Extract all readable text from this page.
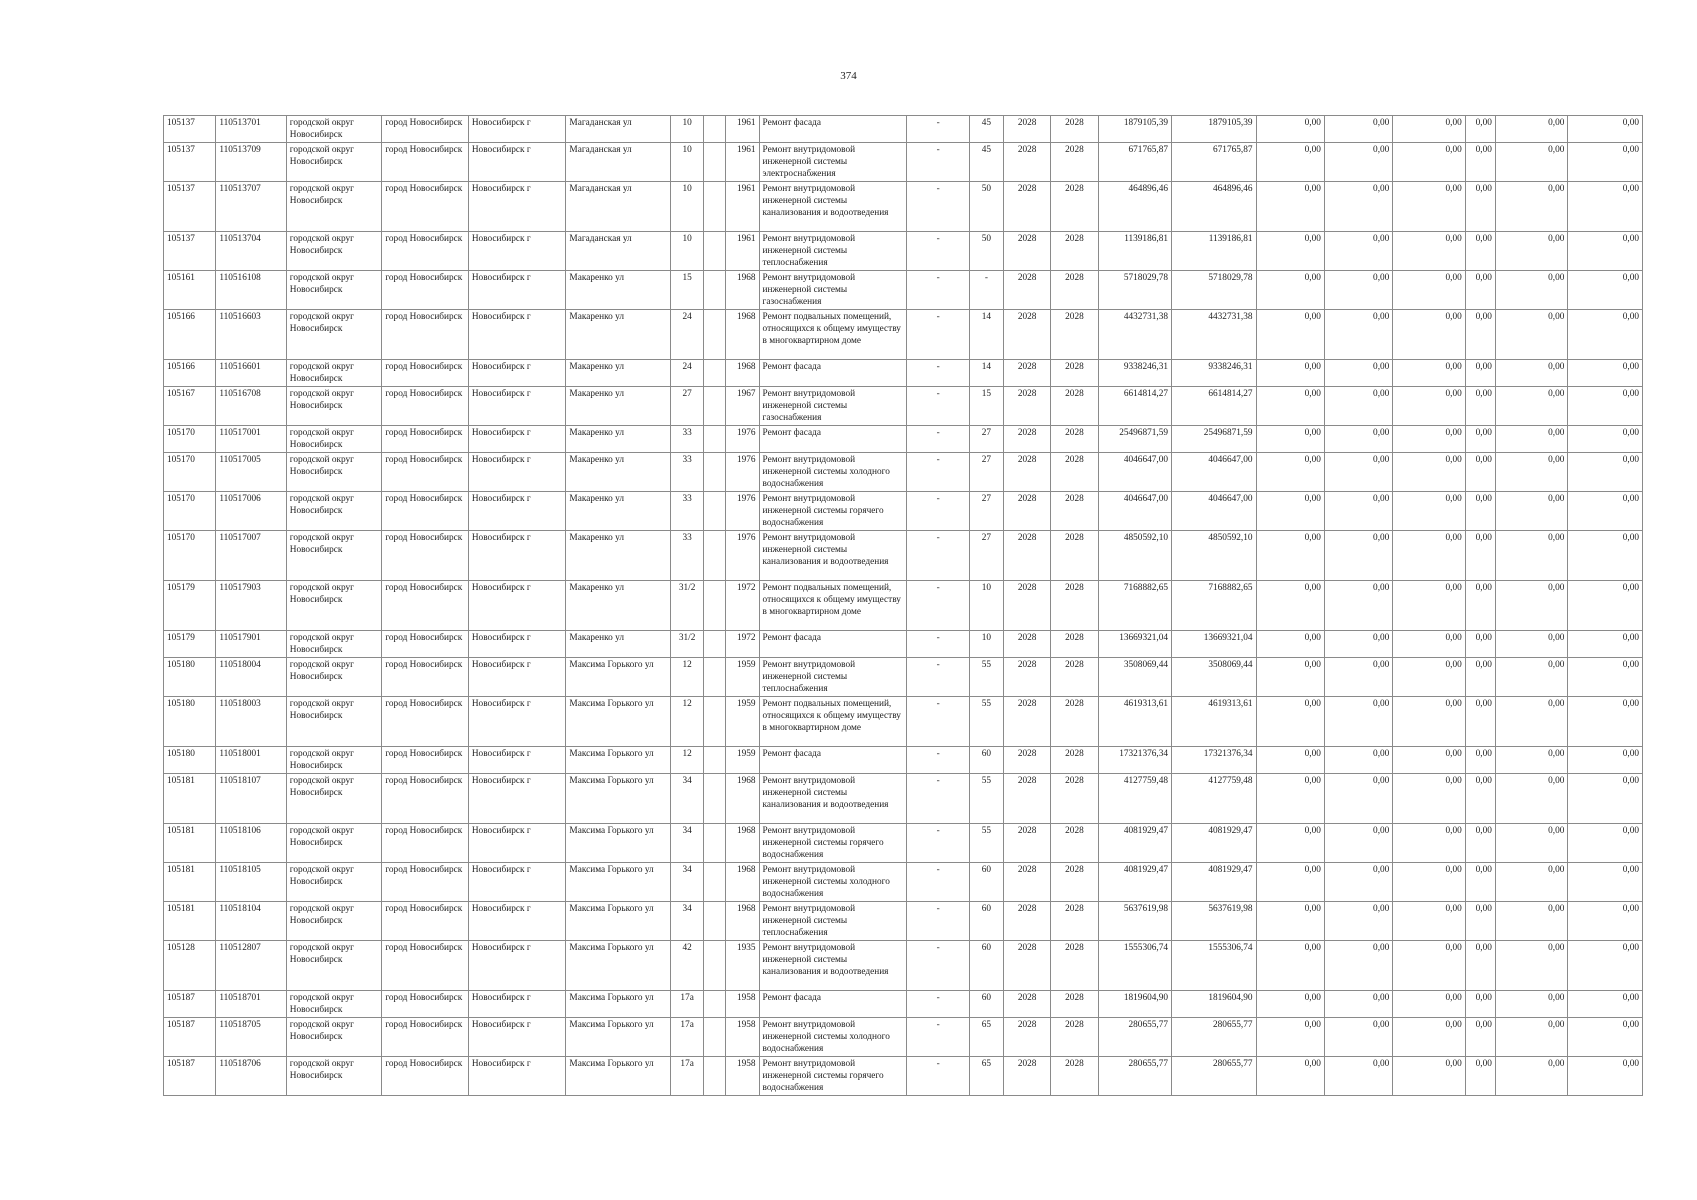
374
105137	110513701	городской округ Новосибирск	город Новосибирск	Новосибирск г	Магаданская ул	10		1961	Ремонт фасада	-	45	2028	2028	1879105,39	1879105,39	0,00	0,00	0,00	0,00	0,00	0,00
105137	110513709	городской округ Новосибирск	город Новосибирск	Новосибирск г	Магаданская ул	10		1961	Ремонт внутридомовой инженерной системы электроснабжения	-	45	2028	2028	671765,87	671765,87	0,00	0,00	0,00	0,00	0,00	0,00
105137	110513707	городской округ Новосибирск	город Новосибирск	Новосибирск г	Магаданская ул	10		1961	Ремонт внутридомовой инженерной системы канализования и водоотведения	-	50	2028	2028	464896,46	464896,46	0,00	0,00	0,00	0,00	0,00	0,00
105137	110513704	городской округ Новосибирск	город Новосибирск	Новосибирск г	Магаданская ул	10		1961	Ремонт внутридомовой инженерной системы теплоснабжения	-	50	2028	2028	1139186,81	1139186,81	0,00	0,00	0,00	0,00	0,00	0,00
105161	110516108	городской округ Новосибирск	город Новосибирск	Новосибирск г	Макаренко ул	15		1968	Ремонт внутридомовой инженерной системы газоснабжения	-	-	2028	2028	5718029,78	5718029,78	0,00	0,00	0,00	0,00	0,00	0,00
105166	110516603	городской округ Новосибирск	город Новосибирск	Новосибирск г	Макаренко ул	24		1968	Ремонт подвальных помещений, относящихся к общему имуществу в многоквартирном доме	-	14	2028	2028	4432731,38	4432731,38	0,00	0,00	0,00	0,00	0,00	0,00
105166	110516601	городской округ Новосибирск	город Новосибирск	Новосибирск г	Макаренко ул	24		1968	Ремонт фасада	-	14	2028	2028	9338246,31	9338246,31	0,00	0,00	0,00	0,00	0,00	0,00
105167	110516708	городской округ Новосибирск	город Новосибирск	Новосибирск г	Макаренко ул	27		1967	Ремонт внутридомовой инженерной системы газоснабжения	-	15	2028	2028	6614814,27	6614814,27	0,00	0,00	0,00	0,00	0,00	0,00
105170	110517001	городской округ Новосибирск	город Новосибирск	Новосибирск г	Макаренко ул	33		1976	Ремонт фасада	-	27	2028	2028	25496871,59	25496871,59	0,00	0,00	0,00	0,00	0,00	0,00
105170	110517005	городской округ Новосибирск	город Новосибирск	Новосибирск г	Макаренко ул	33		1976	Ремонт внутридомовой инженерной системы холодного водоснабжения	-	27	2028	2028	4046647,00	4046647,00	0,00	0,00	0,00	0,00	0,00	0,00
105170	110517006	городской округ Новосибирск	город Новосибирск	Новосибирск г	Макаренко ул	33		1976	Ремонт внутридомовой инженерной системы горячего водоснабжения	-	27	2028	2028	4046647,00	4046647,00	0,00	0,00	0,00	0,00	0,00	0,00
105170	110517007	городской округ Новосибирск	город Новосибирск	Новосибирск г	Макаренко ул	33		1976	Ремонт внутридомовой инженерной системы канализования и водоотведения	-	27	2028	2028	4850592,10	4850592,10	0,00	0,00	0,00	0,00	0,00	0,00
105179	110517903	городской округ Новосибирск	город Новосибирск	Новосибирск г	Макаренко ул	31/2		1972	Ремонт подвальных помещений, относящихся к общему имуществу в многоквартирном доме	-	10	2028	2028	7168882,65	7168882,65	0,00	0,00	0,00	0,00	0,00	0,00
105179	110517901	городской округ Новосибирск	город Новосибирск	Новосибирск г	Макаренко ул	31/2		1972	Ремонт фасада	-	10	2028	2028	13669321,04	13669321,04	0,00	0,00	0,00	0,00	0,00	0,00
105180	110518004	городской округ Новосибирск	город Новосибирск	Новосибирск г	Максима Горького ул	12		1959	Ремонт внутридомовой инженерной системы теплоснабжения	-	55	2028	2028	3508069,44	3508069,44	0,00	0,00	0,00	0,00	0,00	0,00
105180	110518003	городской округ Новосибирск	город Новосибирск	Новосибирск г	Максима Горького ул	12		1959	Ремонт подвальных помещений, относящихся к общему имуществу в многоквартирном доме	-	55	2028	2028	4619313,61	4619313,61	0,00	0,00	0,00	0,00	0,00	0,00
105180	110518001	городской округ Новосибирск	город Новосибирск	Новосибирск г	Максима Горького ул	12		1959	Ремонт фасада	-	60	2028	2028	17321376,34	17321376,34	0,00	0,00	0,00	0,00	0,00	0,00
105181	110518107	городской округ Новосибирск	город Новосибирск	Новосибирск г	Максима Горького ул	34		1968	Ремонт внутридомовой инженерной системы канализования и водоотведения	-	55	2028	2028	4127759,48	4127759,48	0,00	0,00	0,00	0,00	0,00	0,00
105181	110518106	городской округ Новосибирск	город Новосибирск	Новосибирск г	Максима Горького ул	34		1968	Ремонт внутридомовой инженерной системы горячего водоснабжения	-	55	2028	2028	4081929,47	4081929,47	0,00	0,00	0,00	0,00	0,00	0,00
105181	110518105	городской округ Новосибирск	город Новосибирск	Новосибирск г	Максима Горького ул	34		1968	Ремонт внутридомовой инженерной системы холодного водоснабжения	-	60	2028	2028	4081929,47	4081929,47	0,00	0,00	0,00	0,00	0,00	0,00
105181	110518104	городской округ Новосибирск	город Новосибирск	Новосибирск г	Максима Горького ул	34		1968	Ремонт внутридомовой инженерной системы теплоснабжения	-	60	2028	2028	5637619,98	5637619,98	0,00	0,00	0,00	0,00	0,00	0,00
105128	110512807	городской округ Новосибирск	город Новосибирск	Новосибирск г	Максима Горького ул	42		1935	Ремонт внутридомовой инженерной системы канализования и водоотведения	-	60	2028	2028	1555306,74	1555306,74	0,00	0,00	0,00	0,00	0,00	0,00
105187	110518701	городской округ Новосибирск	город Новосибирск	Новосибирск г	Максима Горького ул	17а		1958	Ремонт фасада	-	60	2028	2028	1819604,90	1819604,90	0,00	0,00	0,00	0,00	0,00	0,00
105187	110518705	городской округ Новосибирск	город Новосибирск	Новосибирск г	Максима Горького ул	17а		1958	Ремонт внутридомовой инженерной системы холодного водоснабжения	-	65	2028	2028	280655,77	280655,77	0,00	0,00	0,00	0,00	0,00	0,00
105187	110518706	городской округ Новосибирск	город Новосибирск	Новосибирск г	Максима Горького ул	17а		1958	Ремонт внутридомовой инженерной системы горячего водоснабжения	-	65	2028	2028	280655,77	280655,77	0,00	0,00	0,00	0,00	0,00	0,00
